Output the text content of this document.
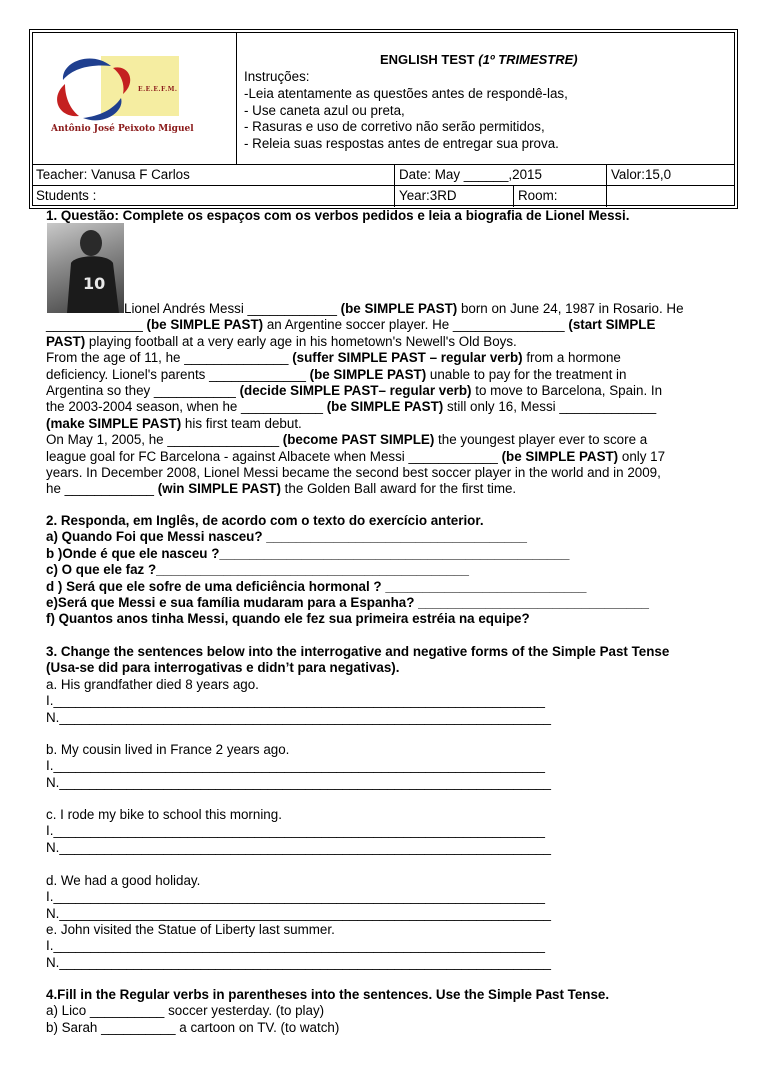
E.E.E.F.M.
Antônio José Peixoto Miguel
ENGLISH TEST (1º TRIMESTRE)
Instruções:
-Leia atentamente as questões antes de respondê-las,
- Use caneta azul ou preta,
- Rasuras e uso de corretivo não serão permitidos,
- Releia suas respostas antes de entregar sua prova.
Teacher: Vanusa F Carlos	Date: May ______,2015	Valor:15,0
Students :	Year:3RD	Room:
1. Questão: Complete os espaços com os verbos pedidos e leia a biografia de Lionel Messi.
10
Lionel Andrés Messi ____________ (be SIMPLE PAST) born on June 24, 1987 in Rosario. He
_____________ (be SIMPLE PAST) an Argentine soccer player. He _______________ (start SIMPLE
PAST) playing football at a very early age in his hometown's Newell's Old Boys.
From the age of 11, he ______________ (suffer SIMPLE PAST – regular verb) from a hormone
deficiency. Lionel's parents _____________ (be SIMPLE PAST) unable to pay for the treatment in
Argentina so they ___________ (decide SIMPLE PAST– regular verb) to move to Barcelona, Spain. In
the 2003-2004 season, when he ___________ (be SIMPLE PAST) still only 16, Messi _____________
(make SIMPLE PAST) his first team debut.
On May 1, 2005, he _______________ (become PAST SIMPLE) the youngest player ever to score a
league goal for FC Barcelona - against Albacete when Messi ____________ (be SIMPLE PAST) only 17
years. In December 2008, Lionel Messi became the second best soccer player in the world and in 2009,
he ____________ (win SIMPLE PAST) the Golden Ball award for the first time.
2. Responda, em Inglês, de acordo com o texto do exercício anterior.
a) Quando Foi que Messi nasceu? ___________________________________
b )Onde é que ele nasceu ?_______________________________________________
c) O que ele faz ?__________________________________________
d ) Será que ele sofre de uma deficiência hormonal ? ___________________________
e)Será que Messi e sua família mudaram para a Espanha? _______________________________
f) Quantos anos tinha Messi, quando ele fez sua primeira estréia na equipe?
3. Change the sentences below into the interrogative and negative forms of the Simple Past Tense
(Usa-se did para interrogativas e didn’t para negativas).
a. His grandfather died 8 years ago.
I.__________________________________________________________________
N.__________________________________________________________________
b. My cousin lived in France 2 years ago.
I.__________________________________________________________________
N.__________________________________________________________________
c. I rode my bike to school this morning.
I.__________________________________________________________________
N.__________________________________________________________________
d. We had a good holiday.
I.__________________________________________________________________
N.__________________________________________________________________
e. John visited the Statue of Liberty last summer.
I.__________________________________________________________________
N.__________________________________________________________________
4.Fill in the Regular verbs in parentheses into the sentences. Use the Simple Past Tense.
a) Lico __________ soccer yesterday. (to play)
b) Sarah __________ a cartoon on TV. (to watch)
